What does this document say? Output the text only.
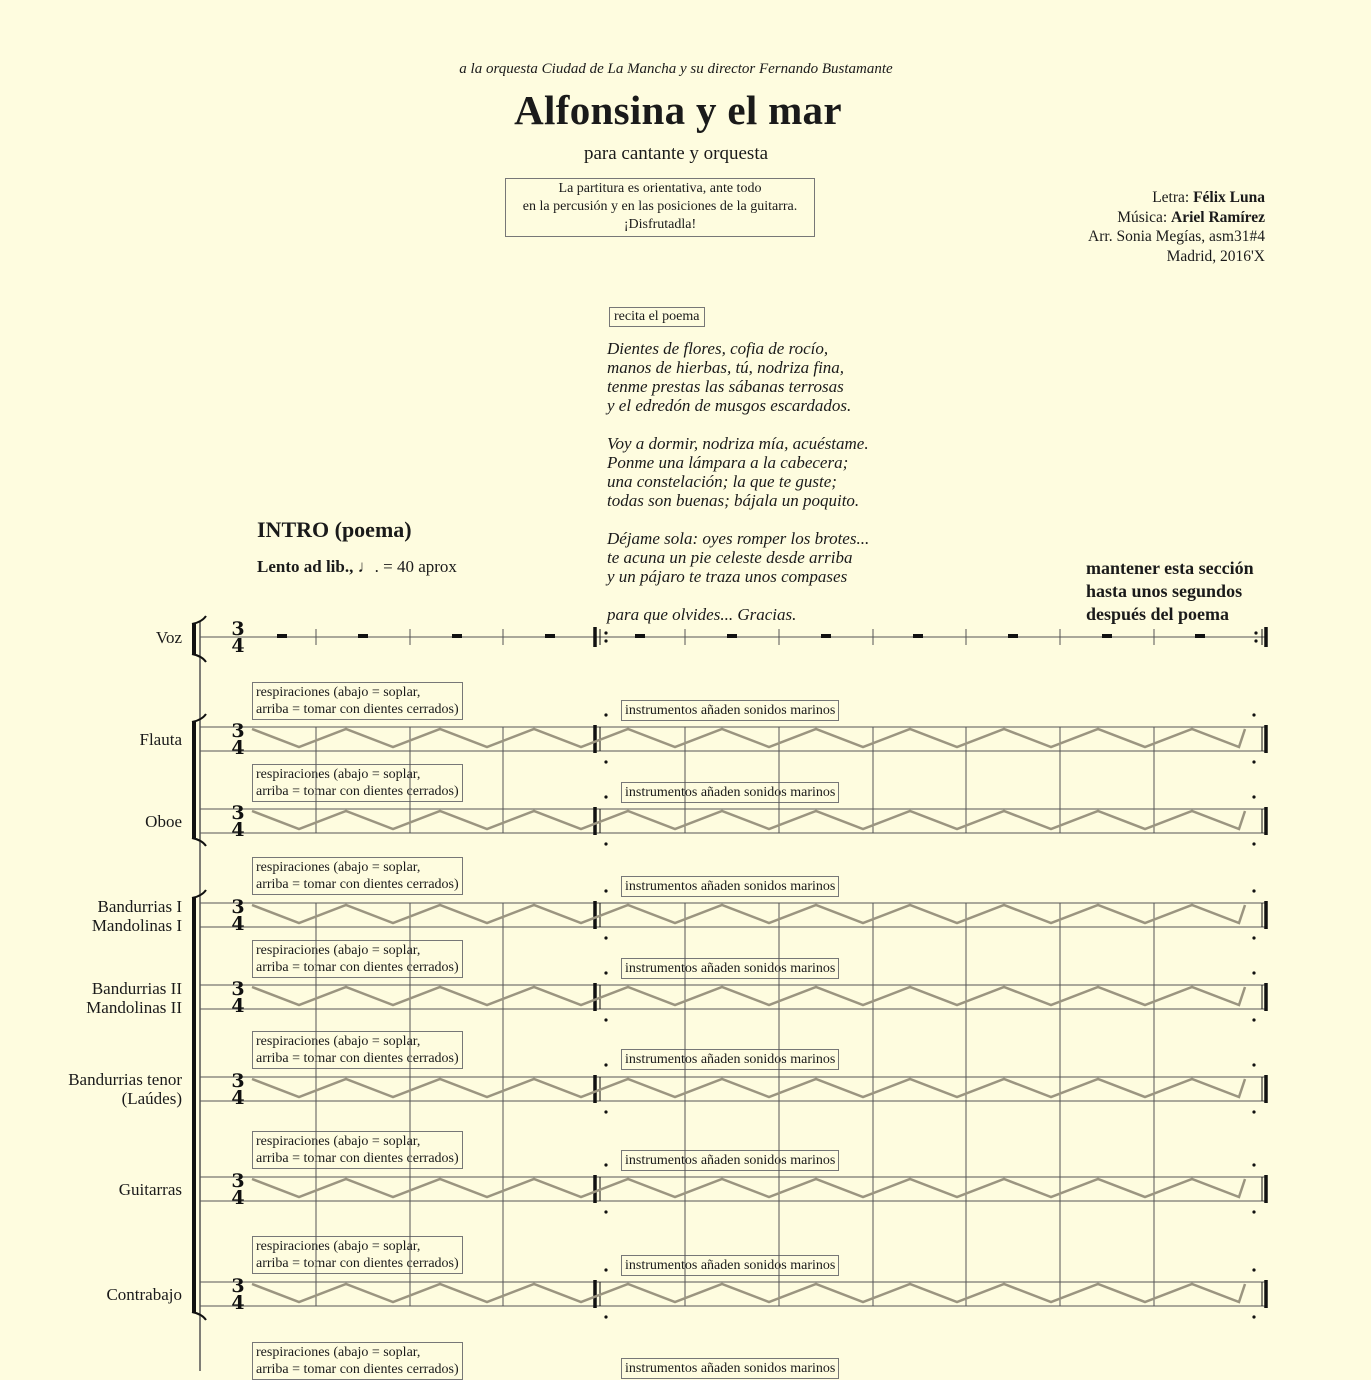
a la orquesta Ciudad de La Mancha y su director Fernando Bustamante
Alfonsina y el mar
para cantante y orquesta
La partitura es orientativa, ante todo
en la percusión y en las posiciones de la guitarra.
¡Disfrutadla!
Letra: Félix Luna
Música: Ariel Ramírez
Arr. Sonia Megías, asm31#4
Madrid, 2016'X
recita el poema
Dientes de flores, cofia de rocío,
manos de hierbas, tú, nodriza fina,
tenme prestas las sábanas terrosas
y el edredón de musgos escardados.

Voy a dormir, nodriza mía, acuéstame.
Ponme una lámpara a la cabecera;
una constelación; la que te guste;
todas son buenas; bájala un poquito.

Déjame sola: oyes romper los brotes...
te acuna un pie celeste desde arriba
y un pájaro te traza unos compases

para que olvides... Gracias.
INTRO (poema)
Lento ad lib., ♩. = 40 aprox	mantener esta sección
hasta unos segundos
después del poema
Voz
Flauta
Oboe
Bandurrias I
Mandolinas I
Bandurrias II
Mandolinas II
Bandurrias tenor
(Laúdes)
Guitarras
Contrabajo
respiraciones (abajo = soplar,
arriba = tomar con dientes cerrados)	instrumentos añaden sonidos marinos
respiraciones (abajo = soplar,
arriba = tomar con dientes cerrados)	instrumentos añaden sonidos marinos
respiraciones (abajo = soplar,
arriba = tomar con dientes cerrados)	instrumentos añaden sonidos marinos
respiraciones (abajo = soplar,
arriba = tomar con dientes cerrados)	instrumentos añaden sonidos marinos
respiraciones (abajo = soplar,
arriba = tomar con dientes cerrados)	instrumentos añaden sonidos marinos
respiraciones (abajo = soplar,
arriba = tomar con dientes cerrados)	instrumentos añaden sonidos marinos
respiraciones (abajo = soplar,
arriba = tomar con dientes cerrados)	instrumentos añaden sonidos marinos
respiraciones (abajo = soplar,
arriba = tomar con dientes cerrados)	instrumentos añaden sonidos marinos
3
4
3
4
3
4
3
4
3
4
3
4
3
4
3
4
